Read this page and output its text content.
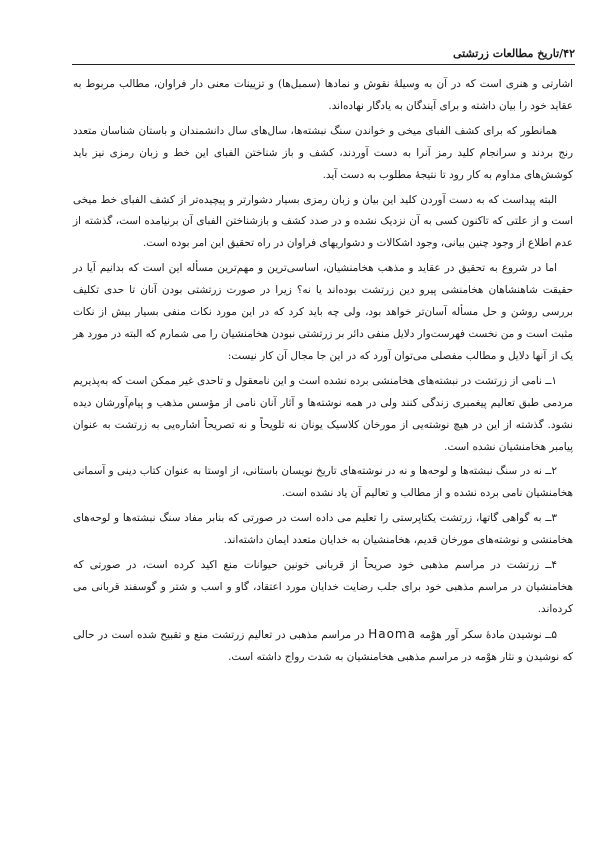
۴۲/تاریخ مطالعات زرتشتی

اشارتی و هنری است که در آن به وسیلهٔ نقوش و نمادها (سمبل‌ها) و تزیینات معنی دار فراوان، مطالب مربوط به عقاید خود را بیان داشته و برای آیندگان به یادگار نهاده‌اند.

همانطور که برای کشف الفبای میخی و خواندن سنگ نبشته‌ها، سال‌های سال دانشمندان و باستان شناسان متعدد رنج بردند و سرانجام کلید رمز آنرا به دست آوردند، کشف و باز شناختن الفبای این خط و زبان رمزی نیز باید کوشش‌های مداوم به کار رود تا نتیجهٔ مطلوب به دست آید.

البته پیداست که به دست آوردن کلید این بیان و زبان رمزی بسیار دشوارتر و پیچیده‌تر از کشف الفبای خط میخی است و از علتی که تاکنون کسی به آن نزدیک نشده و در صدد کشف و بازشناختن الفبای آن برنیامده است، گذشته از عدم اطلاع از وجود چنین بیانی، وجود اشکالات و دشواریهای فراوان در راه تحقیق این امر بوده است.

اما در شروع به تحقیق در عقاید و مذهب هخامنشیان، اساسی‌ترین و مهم‌ترین مسأله این است که بدانیم آیا در حقیقت شاهنشاهان هخامنشی پیرو دین زرتشت بوده‌اند یا نه؟ زیرا در صورت زرتشتی بودن آنان تا حدی تکلیف بررسی روشن و حل مسأله آسان‌تر خواهد بود، ولی چه باید کرد که در این مورد نکات منفی بسیار بیش از نکات مثبت است و من نخست فهرست‌وار دلایل منفی دائر بر زرتشتی نبودن هخامنشیان را می شمارم که البته در مورد هر یک از آنها دلایل و مطالب مفصلی می‌توان آورد که در این جا مجال آن کار نیست:

۱ــ نامی از زرتشت در نبشته‌های هخامنشی برده نشده است و این نامعقول و تاحدی غیر ممکن است که به‌پذیریم مردمی طبق تعالیم پیغمبری زندگی کنند ولی در همه نوشته‌ها و آثار آنان نامی از مؤسس مذهب و پیام‌آورشان دیده نشود. گذشته از این در هیچ نوشته‌یی از مورخان کلاسیک یونان نه تلویحاً و نه تصریحاً اشاره‌یی به زرتشت به عنوان پیامبر هخامنشیان نشده است.

۲ــ نه در سنگ نبشته‌ها و لوحه‌ها و نه در نوشته‌های تاریخ نویسان باستانی، از اوستا به عنوان کتاب دینی و آسمانی هخامنشیان نامی برده نشده و از مطالب و تعالیم آن یاد نشده است.

۳ــ به گواهی گاتها، زرتشت یکتاپرستی را تعلیم می داده است در صورتی که بنابر مفاد سنگ نبشته‌ها و لوحه‌های هخامنشی و نوشته‌های مورخان قدیم، هخامنشیان به خدایان متعدد ایمان داشته‌اند.

۴ــ زرتشت در مراسم مذهبی خود صریحاً از قربانی خونین حیوانات منع اکید کرده است، در صورتی که هخامنشیان در مراسم مذهبی خود برای جلب رضایت خدایان مورد اعتقاد، گاو و اسب و شتر و گوسفند قربانی می کرده‌اند.

۵ــ نوشیدن مادهٔ سکر آور هوْمه Haoma در مراسم مذهبی در تعالیم زرتشت منع و تقبیح شده است در حالی که نوشیدن و نثار هوْمه در مراسم مذهبی هخامنشیان به شدت رواج داشته است.
